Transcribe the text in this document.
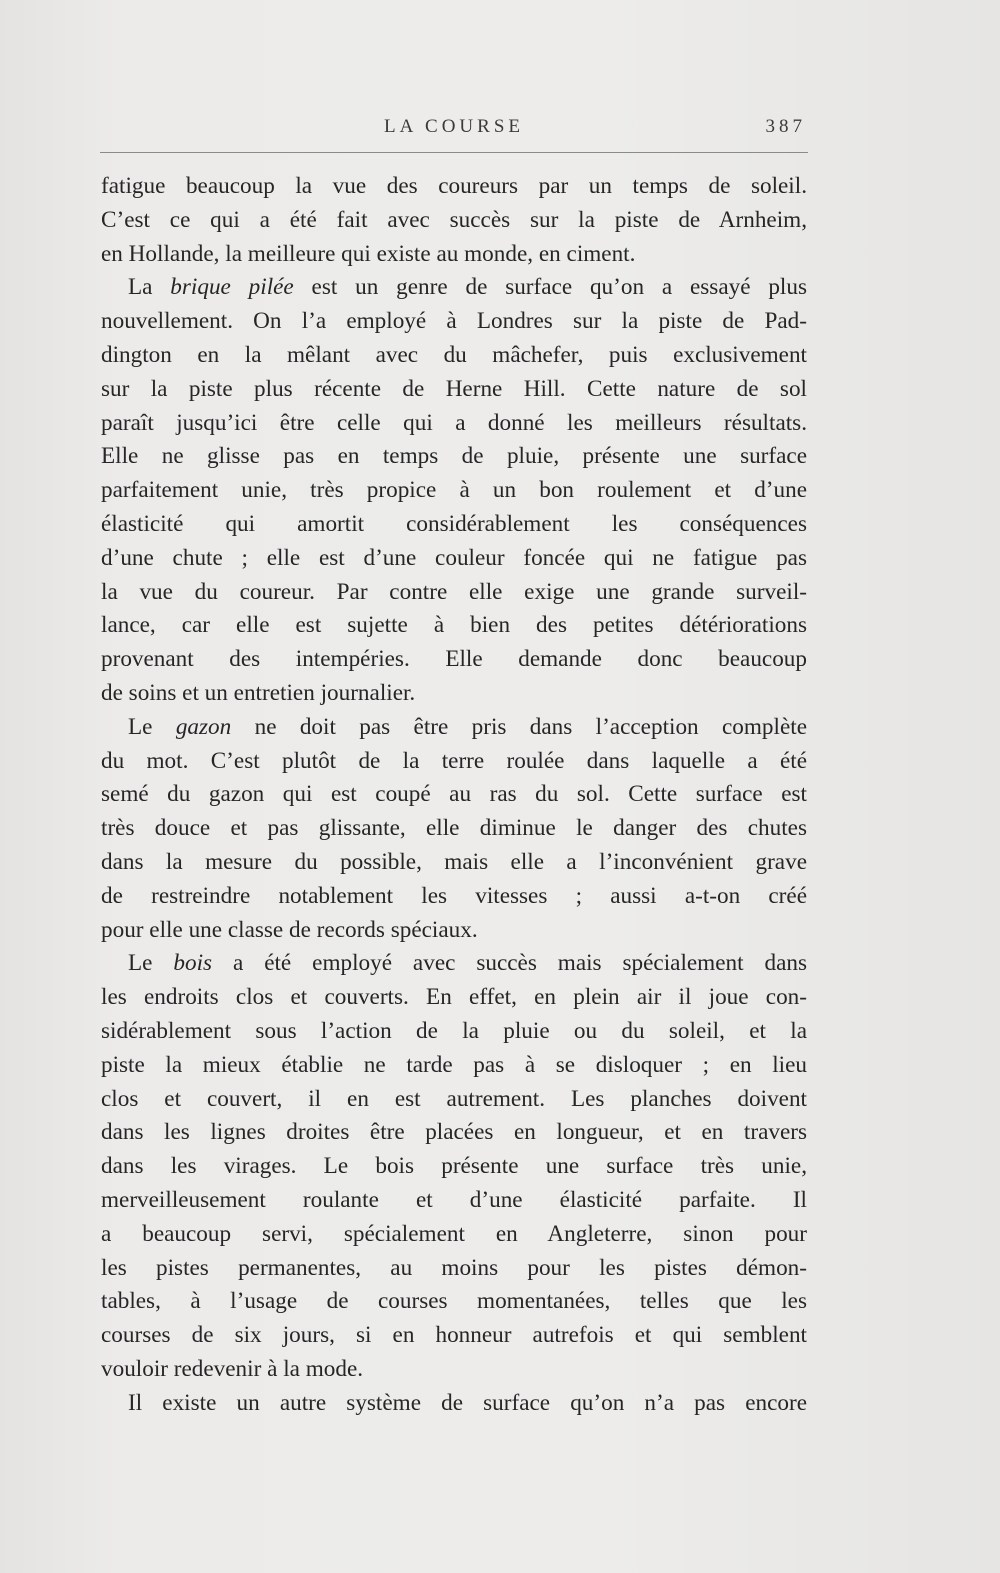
LA COURSE	387
fatigue beaucoup la vue des coureurs par un temps de soleil.
C’est ce qui a été fait avec succès sur la piste de Arnheim,
en Hollande, la meilleure qui existe au monde, en ciment.
La brique pilée est un genre de surface qu’on a essayé plus
nouvellement. On l’a employé à Londres sur la piste de Pad-
dington en la mêlant avec du mâchefer, puis exclusivement
sur la piste plus récente de Herne Hill. Cette nature de sol
paraît jusqu’ici être celle qui a donné les meilleurs résultats.
Elle ne glisse pas en temps de pluie, présente une surface
parfaitement unie, très propice à un bon roulement et d’une
élasticité qui amortit considérablement les conséquences
d’une chute ; elle est d’une couleur foncée qui ne fatigue pas
la vue du coureur. Par contre elle exige une grande surveil-
lance, car elle est sujette à bien des petites détériorations
provenant des intempéries. Elle demande donc beaucoup
de soins et un entretien journalier.
Le gazon ne doit pas être pris dans l’acception complète
du mot. C’est plutôt de la terre roulée dans laquelle a été
semé du gazon qui est coupé au ras du sol. Cette surface est
très douce et pas glissante, elle diminue le danger des chutes
dans la mesure du possible, mais elle a l’inconvénient grave
de restreindre notablement les vitesses ; aussi a-t-on créé
pour elle une classe de records spéciaux.
Le bois a été employé avec succès mais spécialement dans
les endroits clos et couverts. En effet, en plein air il joue con-
sidérablement sous l’action de la pluie ou du soleil, et la
piste la mieux établie ne tarde pas à se disloquer ; en lieu
clos et couvert, il en est autrement. Les planches doivent
dans les lignes droites être placées en longueur, et en travers
dans les virages. Le bois présente une surface très unie,
merveilleusement roulante et d’une élasticité parfaite. Il
a beaucoup servi, spécialement en Angleterre, sinon pour
les pistes permanentes, au moins pour les pistes démon-
tables, à l’usage de courses momentanées, telles que les
courses de six jours, si en honneur autrefois et qui semblent
vouloir redevenir à la mode.
Il existe un autre système de surface qu’on n’a pas encore
